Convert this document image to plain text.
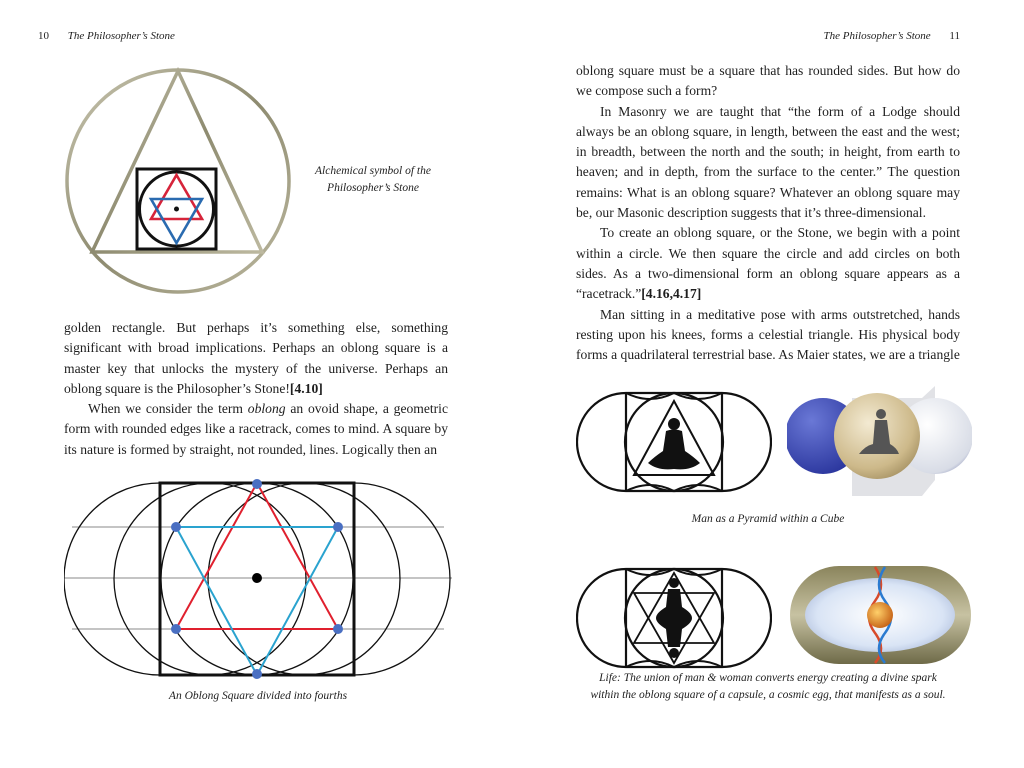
10 The Philosopher’s Stone
Alchemical symbol of the
Philosopher’s Stone

golden rectangle. But perhaps it’s something else, something significant with broad implications. Perhaps an oblong square is a master key that unlocks the mystery of the universe. Perhaps an oblong square is the Philosopher’s Stone![4.10]

When we consider the term oblong an ovoid shape, a geometric form with rounded edges like a racetrack, comes to mind. A square by its nature is formed by straight, not rounded, lines. Logically then an

An Oblong Square divided into fourths
The Philosopher’s Stone 11

oblong square must be a square that has rounded sides. But how do we compose such a form?

In Masonry we are taught that “the form of a Lodge should always be an oblong square, in length, between the east and the west; in breadth, between the north and the south; in height, from earth to heaven; and in depth, from the surface to the center.” The question remains: What is an oblong square? Whatever an oblong square may be, our Masonic description suggests that it’s three-dimensional.

To create an oblong square, or the Stone, we begin with a point within a circle. We then square the circle and add circles on both sides. As a two-dimensional form an oblong square appears as a “racetrack.”[4.16,4.17]

Man sitting in a meditative pose with arms outstretched, hands resting upon his knees, forms a celestial triangle. His physical body forms a quadrilateral terrestrial base. As Maier states, we are a triangle

Man as a Pyramid within a Cube
Life: The union of man & woman converts energy creating a divine spark
within the oblong square of a capsule, a cosmic egg, that manifests as a soul.
